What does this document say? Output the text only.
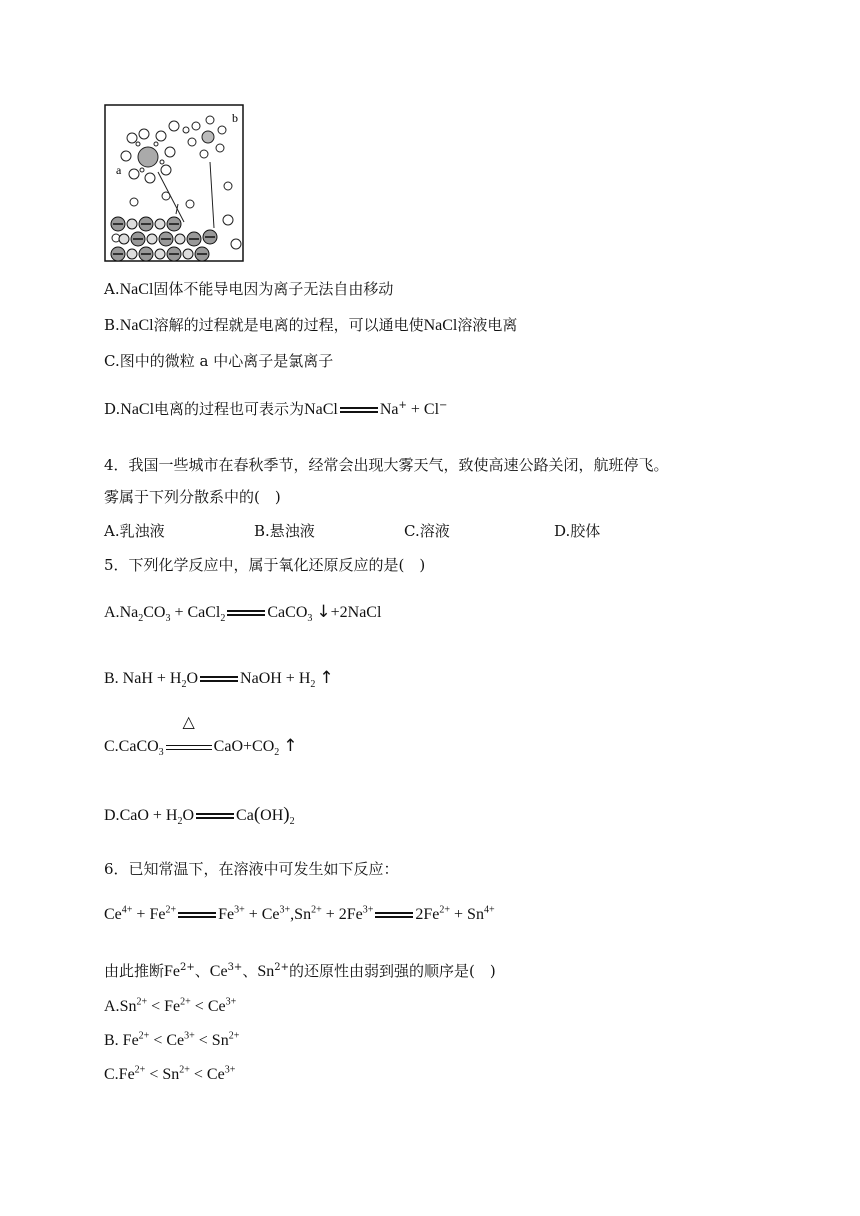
a
b
A.NaCl固体不能导电因为离子无法自由移动
B.NaCl溶解的过程就是电离的过程，可以通电使NaCl溶液电离
C.图中的微粒 a 中心离子是氯离子
D.NaCl电离的过程也可表示为NaCl	Na+ + Cl−
4．我国一些城市在春秋季节，经常会出现大雾天气，致使高速公路关闭，航班停飞。
雾属于下列分散系中的(　)
A.乳浊液	B.悬浊液	C.溶液	D.胶体
5．下列化学反应中，属于氧化还原反应的是(　)
$A.Na_2CO_3$ + CaCl$_2$	CaCO$_3$ ↓+2NaCl
B. NaH + $H_2O$	NaOH + $H_2$ ↑
C.CaCO$_3$
△
$CaO+CO_2$ ↑
$D.CaO + H_2O$	$Ca(OH)_2$
6．已知常温下，在溶液中可发生如下反应：
$Ce^{4+} + Fe^{2+}$	$Fe^{3+} + Ce^{3+},Sn^{2+} + 2Fe^{3+}$	$2Fe^{2+} + Sn^{4+}$
由此推断$Fe^{2+}$、$Ce^{3+}$、$Sn^{2+}$的还原性由弱到强的顺序是(　)
$A.Sn^{2+} < Fe^{2+} < Ce^{3+}$
B. $Fe^{2+} < Ce^{3+} < Sn^{2+}$
$C.Fe^{2+} < Sn^{2+} < Ce^{3+}$
